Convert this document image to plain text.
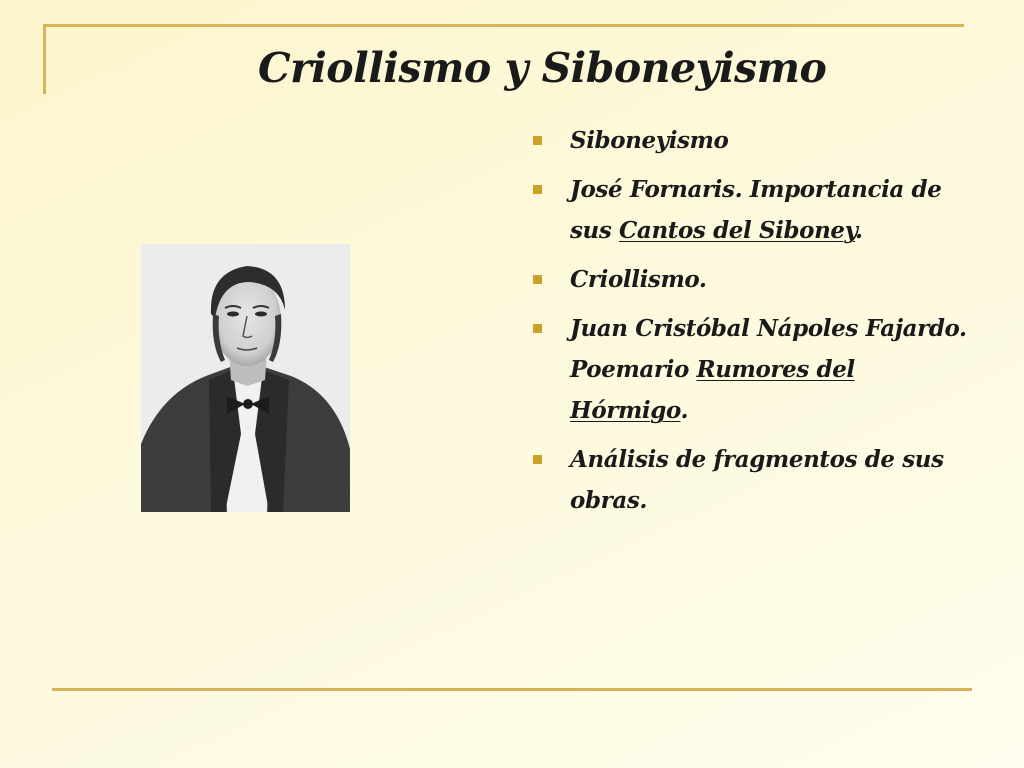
Criollismo y Siboneyismo
Siboneyismo
José Fornaris. Importancia de sus Cantos del Siboney.
Criollismo.
Juan Cristóbal Nápoles Fajardo. Poemario Rumores del Hórmigo.
Análisis de fragmentos de sus obras.
